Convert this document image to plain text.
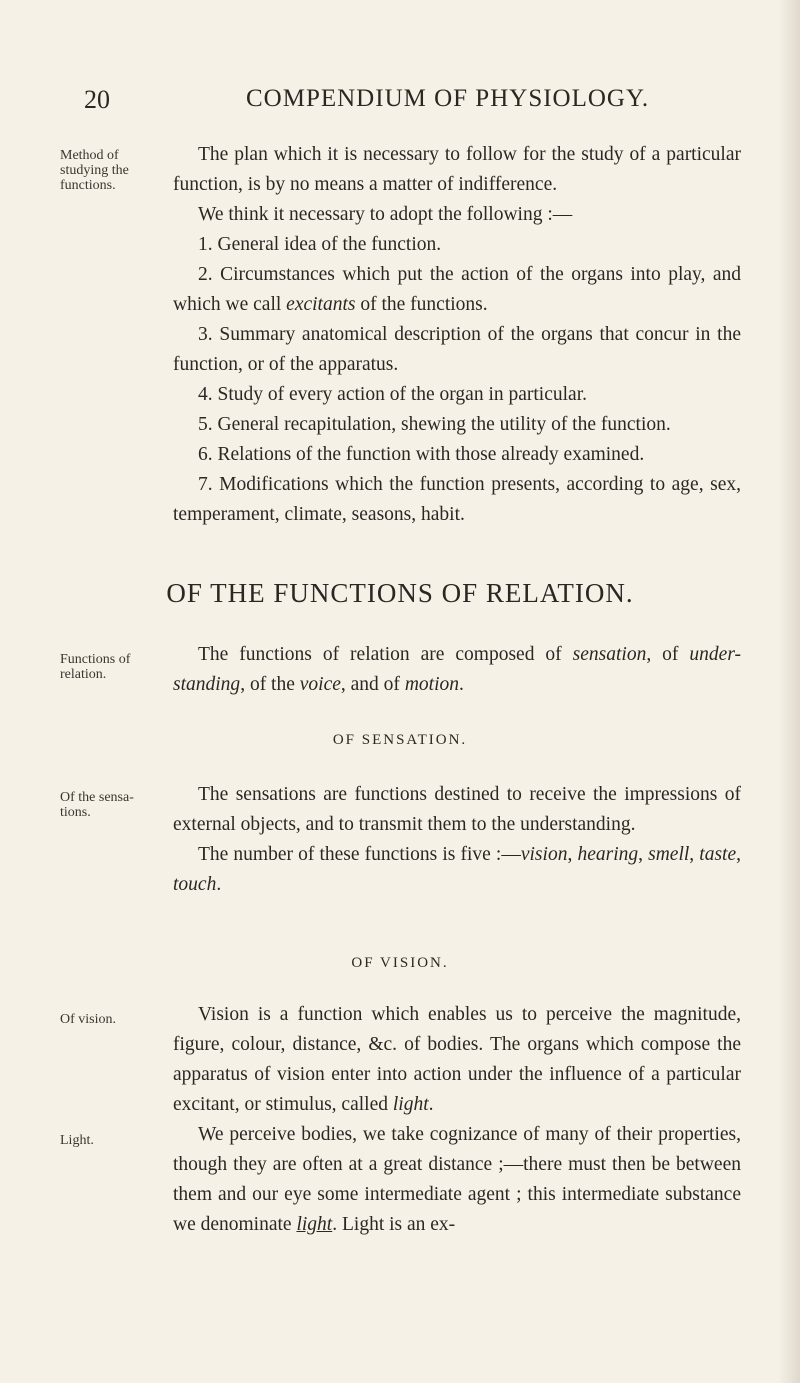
20	COMPENDIUM OF PHYSIOLOGY.
Method of studying the functions.
Functions of relation.
Of the sensa-tions.
Of vision.
Light.

The plan which it is necessary to follow for the study of a particular function, is by no means a matter of indifference.

We think it necessary to adopt the following :—

1. General idea of the function.

2. Circumstances which put the action of the organs into play, and which we call excitants of the functions.

3. Summary anatomical description of the organs that concur in the function, or of the apparatus.

4. Study of every action of the organ in particular.

5. General recapitulation, shewing the utility of the function.

6. Relations of the function with those already examined.

7. Modifications which the function presents, according to age, sex, temperament, climate, seasons, habit.

OF THE FUNCTIONS OF RELATION.

The functions of relation are composed of sensation, of under-standing, of the voice, and of motion.

OF SENSATION.

The sensations are functions destined to receive the impressions of external objects, and to transmit them to the understanding.

The number of these functions is five :—vision, hearing, smell, taste, touch.

OF VISION.

Vision is a function which enables us to perceive the magnitude, figure, colour, distance, &c. of bodies. The organs which compose the apparatus of vision enter into action under the influence of a particular excitant, or stimulus, called light.

We perceive bodies, we take cognizance of many of their properties, though they are often at a great distance ;—there must then be between them and our eye some intermediate agent ; this intermediate substance we denominate light. Light is an ex-
